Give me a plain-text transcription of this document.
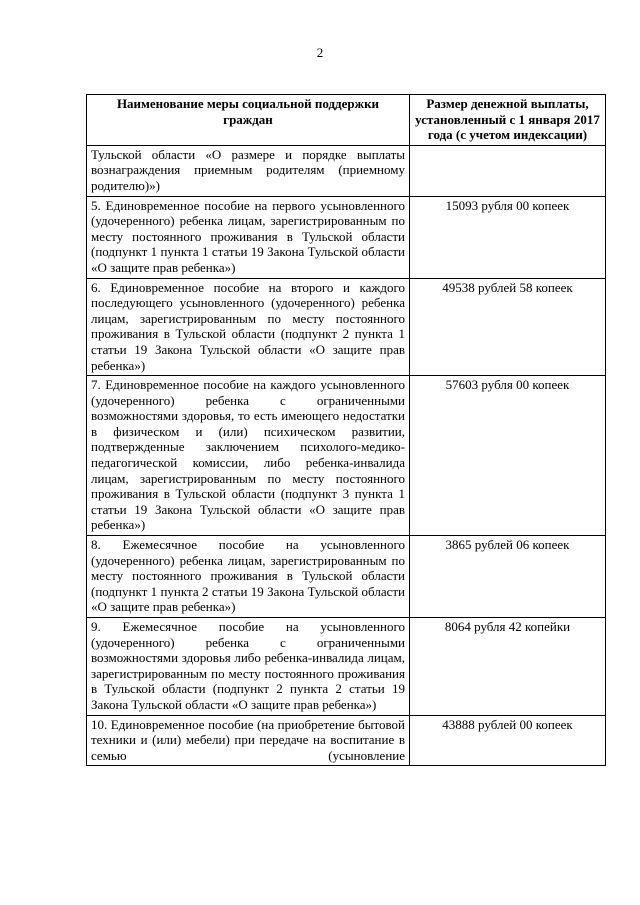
2
Наименование меры социальной поддержки граждан	Размер денежной выплаты, установленный с 1 января 2017 года (с учетом индексации)
Тульской области «О размере и порядке выплаты вознаграждения приемным родителям (приемному родителю)»)	
5. Единовременное пособие на первого усыновленного (удочеренного) ребенка лицам, зарегистрированным по месту постоянного проживания в Тульской области (подпункт 1 пункта 1 статьи 19 Закона Тульской области «О защите прав ребенка»)	15093 рубля 00 копеек
6. Единовременное пособие на второго и каждого последующего усыновленного (удочеренного) ребенка лицам, зарегистрированным по месту постоянного проживания в Тульской области (подпункт 2 пункта 1 статьи 19 Закона Тульской области «О защите прав ребенка»)	49538 рублей 58 копеек
7. Единовременное пособие на каждого усыновленного (удочеренного) ребенка с ограниченными возможностями здоровья, то есть имеющего недостатки в физическом и (или) психическом развитии, подтвержденные заключением психолого-медико-педагогической комиссии, либо ребенка-инвалида лицам, зарегистрированным по месту постоянного проживания в Тульской области (подпункт 3 пункта 1 статьи 19 Закона Тульской области «О защите прав ребенка»)	57603 рубля 00 копеек
8. Ежемесячное пособие на усыновленного (удочеренного) ребенка лицам, зарегистрированным по месту постоянного проживания в Тульской области (подпункт 1 пункта 2 статьи 19 Закона Тульской области «О защите прав ребенка»)	3865 рублей 06 копеек
9. Ежемесячное пособие на усыновленного (удочеренного) ребенка с ограниченными возможностями здоровья либо ребенка-инвалида лицам, зарегистрированным по месту постоянного проживания в Тульской области (подпункт 2 пункта 2 статьи 19 Закона Тульской области «О защите прав ребенка»)	8064 рубля 42 копейки
10. Единовременное пособие (на приобретение бытовой техники и (или) мебели) при передаче на воспитание в семью (усыновление	43888 рублей 00 копеек
